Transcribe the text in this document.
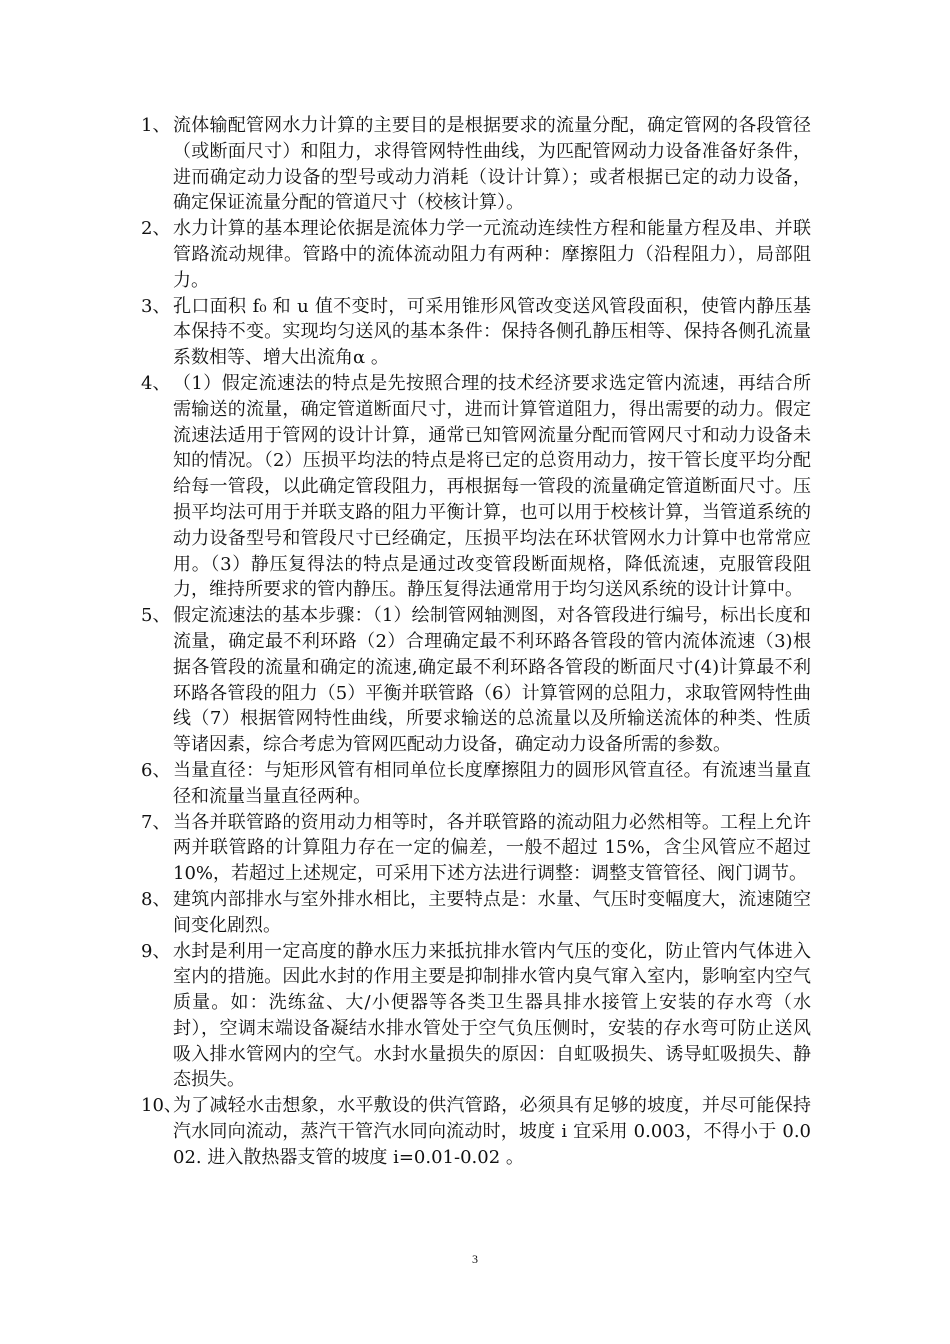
1、 流体输配管网水力计算的主要目的是根据要求的流量分配，确定管网的各段管径（或断面尺寸）和阻力，求得管网特性曲线，为匹配管网动力设备准备好条件，进而确定动力设备的型号或动力消耗（设计计算）；或者根据已定的动力设备，确定保证流量分配的管道尺寸（校核计算）。
2、 水力计算的基本理论依据是流体力学一元流动连续性方程和能量方程及串、并联管路流动规律。管路中的流体流动阻力有两种：摩擦阻力（沿程阻力），局部阻力。
3、 孔口面积 f₀ 和 u 值不变时，可采用锥形风管改变送风管段面积，使管内静压基本保持不变。实现均匀送风的基本条件：保持各侧孔静压相等、保持各侧孔流量系数相等、增大出流角α 。
4、 （1）假定流速法的特点是先按照合理的技术经济要求选定管内流速，再结合所需输送的流量，确定管道断面尺寸，进而计算管道阻力，得出需要的动力。假定流速法适用于管网的设计计算，通常已知管网流量分配而管网尺寸和动力设备未知的情况。（2）压损平均法的特点是将已定的总资用动力，按干管长度平均分配给每一管段，以此确定管段阻力，再根据每一管段的流量确定管道断面尺寸。压损平均法可用于并联支路的阻力平衡计算，也可以用于校核计算，当管道系统的动力设备型号和管段尺寸已经确定，压损平均法在环状管网水力计算中也常常应用。（3）静压复得法的特点是通过改变管段断面规格，降低流速，克服管段阻力，维持所要求的管内静压。静压复得法通常用于均匀送风系统的设计计算中。
5、 假定流速法的基本步骤：（1）绘制管网轴测图，对各管段进行编号，标出长度和流量，确定最不利环路（2）合理确定最不利环路各管段的管内流体流速（3)根据各管段的流量和确定的流速,确定最不利环路各管段的断面尺寸(4)计算最不利环路各管段的阻力（5）平衡并联管路（6）计算管网的总阻力，求取管网特性曲线（7）根据管网特性曲线，所要求输送的总流量以及所输送流体的种类、性质等诸因素，综合考虑为管网匹配动力设备，确定动力设备所需的参数。
6、 当量直径：与矩形风管有相同单位长度摩擦阻力的圆形风管直径。有流速当量直径和流量当量直径两种。
7、 当各并联管路的资用动力相等时，各并联管路的流动阻力必然相等。工程上允许两并联管路的计算阻力存在一定的偏差，一般不超过 15%，含尘风管应不超过 10%，若超过上述规定，可采用下述方法进行调整：调整支管管径、阀门调节。
8、 建筑内部排水与室外排水相比，主要特点是：水量、气压时变幅度大，流速随空间变化剧烈。
9、 水封是利用一定高度的静水压力来抵抗排水管内气压的变化，防止管内气体进入室内的措施。因此水封的作用主要是抑制排水管内臭气窜入室内，影响室内空气质量。如：洗练盆、大/小便器等各类卫生器具排水接管上安装的存水弯（水封），空调末端设备凝结水排水管处于空气负压侧时，安装的存水弯可防止送风吸入排水管网内的空气。水封水量损失的原因：自虹吸损失、诱导虹吸损失、静态损失。
10、
为了减轻水击想象，水平敷设的供汽管路，必须具有足够的坡度，并尽可能保持汽水同向流动，蒸汽干管汽水同向流动时，坡度 i 宜采用 0.003，不得小于 0.002. 进入散热器支管的坡度 i=0.01-0.02 。
3
